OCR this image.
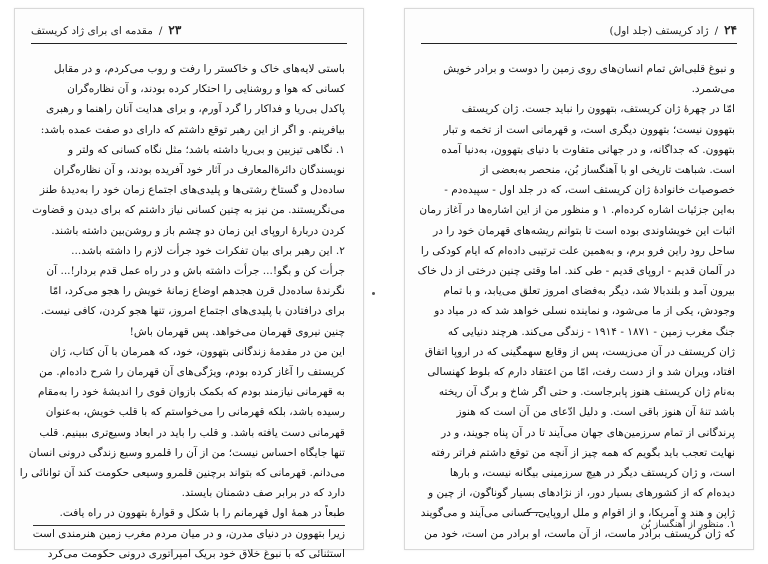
۲۳
/
مقدمه ای برای ژاد کریستف
باستی لایه‌های خاک و خاکستر را رفت و روب می‌کردم، و در مقابل
کسانی که هوا و روشنایی را احتکار کرده بودند، و آن نظاره‌گران
پاکدل بی‌ریا و فداکار را گرد آورم، و برای هدایت آنان راهنما و رهبری
بیافرینم. و اگر از این رهبر توقع داشتم که دارای دو صفت عمده باشد:
۱. نگاهی تیزبین و بی‌ریا داشته باشد؛ مثل نگاه کسانی که ولتر و
نویسندگان دائرةالمعارف در آثار خود آفریده بودند، و آن نظاره‌گران
ساده‌دل و گستاخ رشتی‌ها و پلیدی‌های اجتماع زمان خود را به‌دیدهٔ طنز
می‌نگریستند. من نیز به چنین کسانی نیاز داشتم که برای دیدن و قضاوت
کردن دربارهٔ اروپای این زمان دو چشم باز و روشن‌بین داشته باشند.
۲. این رهبر برای بیان تفکرات خود جرأت لازم را داشته باشد...
جرأت کن و بگو!... جرأت داشته باش و در راه عمل قدم بردار!... آن
نگرندهٔ ساده‌دل قرن هجدهم اوضاع زمانهٔ خویش را هجو می‌کرد، امّا
برای درافتادن با پلیدی‌های اجتماع امروز، تنها هجو کردن، کافی نیست.
چنین نیروی قهرمان می‌خواهد. پس قهرمان باش!
این من در مقدمهٔ زندگانی بتهوون، خود، که همرمان با آن کتاب، ژان
کریستف را آغاز کرده بودم، ویژگی‌های آن قهرمان را شرح داده‌ام. من
به قهرمانی نیازمند بودم که بکمک بازوان قوی را اندیشهٔ خود را به‌مقام
رسیده باشد، بلکه قهرمانی را می‌خواستم که با قلب خویش، به‌عنوان
قهرمانی دست یافته باشد. و قلب را باید در ابعاد وسیع‌تری ببینیم. قلب
تنها جایگاه احساس نیست؛ من از آن را قلمرو وسیع زندگی درونی انسان
می‌دانم. قهرمانی که بتواند برچنین قلمرو وسیعی حکومت کند آن توانائی را
دارد که در برابر صف دشمنان بایستد.
طبعاً در همهٔ اول قهرمانم را با شکل و قوارهٔ بتهوون در راه یافت.
زیرا بتهوون در دنیای مدرن، و در میان مردم مغرب زمین هنرمندی است
استثنائی که با نبوغ خلاق خود بریک امپراتوری درونی حکومت می‌کرد
۲۴
/
ژاد کریستف (جلد اول)
و نبوغ قلبی‌اش تمام انسان‌های روی زمین را دوست و برادر خویش
می‌شمرد.
امّا در چهرهٔ ژان کریستف، بتهوون را نباید جست. ژان کریستف
بتهوون نیست؛ بتهوون دیگری است، و قهرمانی است از تخمه و تبار
بتهوون. که جداگانه، و در جهانی متفاوت با دنیای بتهوون، به‌دنیا آمده
است. شباهت تاریخی او با آهنگساز بُن، منحصر به‌بعضی از
خصوصیات خانوادهٔ ژان کریستف است، که در جلد اول - سپیده‌دم -
به‌این جزئیات اشاره کرده‌ام. ۱ و منظور من از این اشاره‌ها در آغاز رمان
اثبات این خویشاوندی بوده است تا بتوانم ریشه‌های قهرمان خود را در
ساحل رود راین فرو برم، و به‌همین علت ترتیبی داده‌ام که ایام کودکی را
در آلمان قدیم - اروپای قدیم - طی کند. اما وقتی چنین درختی از دل خاک
بیرون آمد و بلندبالا شد، دیگر به‌فضای امروز تعلق می‌یابد، و با تمام
وجودش، یکی از ما می‌شود، و نماینده نسلی خواهد شد که در میاد دو
جنگ مغرب زمین - ۱۸۷۱ - ۱۹۱۴ - زندگی می‌کند. هرچند دنیایی که
ژان کریستف در آن می‌زیست، پس از وقایع سهمگینی که در اروپا اتفاق
افتاد، ویران شد و از دست رفت، امّا من اعتقاد دارم که بلوط کهنسالی
به‌نام ژان کریستف هنوز پابرجاست. و حتی اگر شاخ و برگ آن ریخته
باشد تنهٔ آن هنوز باقی است. و دلیل ادّعای من آن است که هنوز
پرندگانی از تمام سرزمین‌های جهان می‌آیند تا در آن پناه جویند، و در
نهایت تعجب باید بگویم که همه چیز از آنچه من توقع داشتم فراتر رفته
است، و ژان کریستف دیگر در هیچ سرزمینی بیگانه نیست، و بارها
دیده‌ام که از کشورهای بسیار دور، از نژادهای بسیار گوناگون، از چین و
ژاپن و هند و آمریکا، و از اقوام و ملل اروپایی، کسانی می‌آیند و می‌گویند
که ژان کریستف برادر ماست، از آن ماست، او برادر من است، خود من
۱. منظور از آهنگساز بُن
